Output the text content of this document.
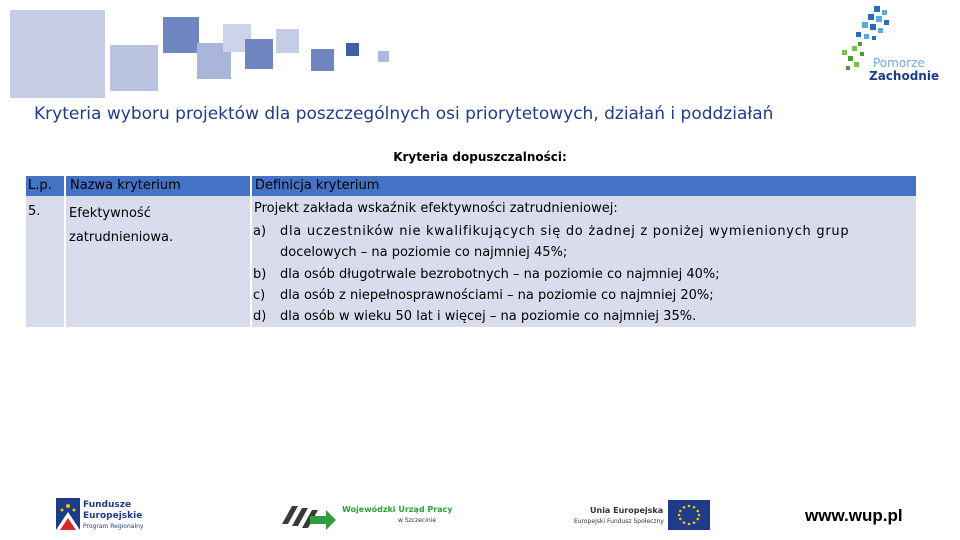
Pomorze
Zachodnie
Kryteria wyboru projektów dla poszczególnych osi priorytetowych, działań i poddziałań
Kryteria dopuszczalności:
L.p. Nazwa kryterium	Definicja kryterium
5. Efektywność
zatrudnieniowa.
Projekt zakłada wskaźnik efektywności zatrudnieniowej:
a) dla uczestników nie kwalifikujących się do żadnej z poniżej wymienionych grup
docelowych – na poziomie co najmniej 45%;
b) dla osób długotrwale bezrobotnych – na poziomie co najmniej 40%;
c) dla osób z niepełnosprawnościami – na poziomie co najmniej 20%;
d) dla osób w wieku 50 lat i więcej – na poziomie co najmniej 35%.
Fundusze
Europejskie
Program Regionalny
Wojewódzki Urząd Pracy
w Szczecinie
Unia Europejska
Europejski Fundusz Społeczny	www.wup.pl
